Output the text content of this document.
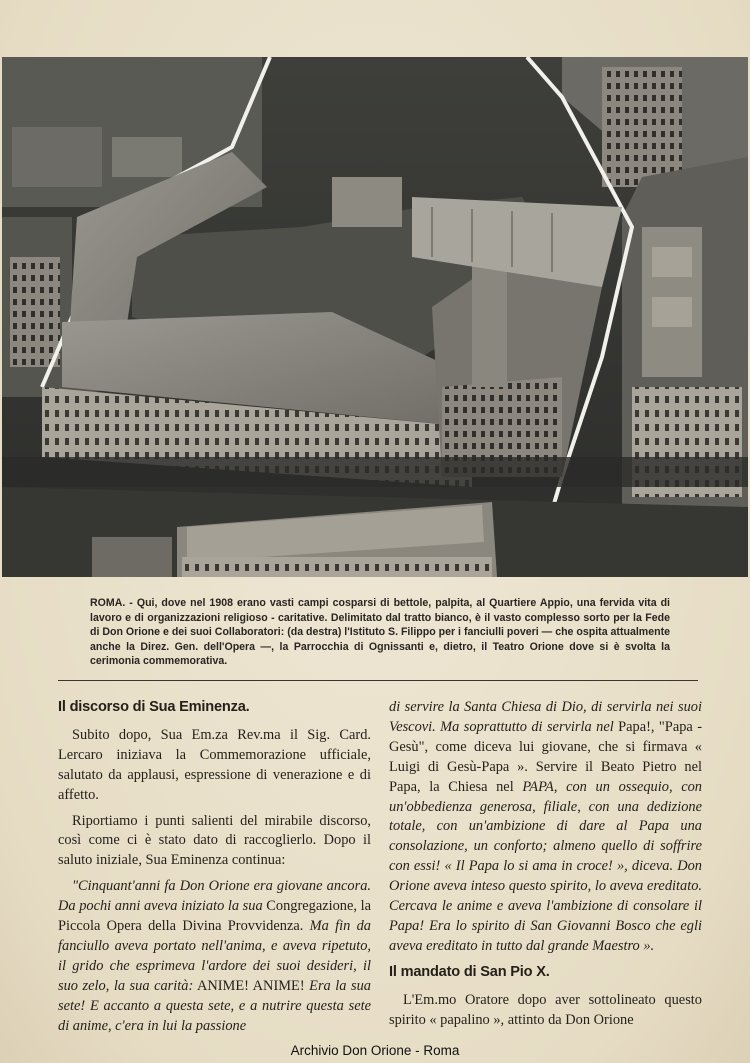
ROMA. - Qui, dove nel 1908 erano vasti campi cosparsi di bettole, palpita, al Quartiere Appio, una fervida vita di lavoro e di organizzazioni religioso - caritative. Delimitato dal tratto bianco, è il vasto complesso sorto per la Fede di Don Orione e dei suoi Collaboratori: (da destra) l'Istituto S. Filippo per i fanciulli poveri — che ospita attualmente anche la Direz. Gen. dell'Opera —, la Parrocchia di Ognissanti e, dietro, il Teatro Orione dove si è svolta la cerimonia commemorativa.
Il discorso di Sua Eminenza.

Subito dopo, Sua Em.za Rev.ma il Sig. Card. Lercaro iniziava la Commemorazione ufficiale, salutato da applausi, espressione di venerazione e di affetto.

Riportiamo i punti salienti del mirabile discorso, così come ci è stato dato di raccoglierlo. Dopo il saluto iniziale, Sua Eminenza continua:

"Cinquant'anni fa Don Orione era giovane ancora. Da pochi anni aveva iniziato la sua Congregazione, la Piccola Opera della Divina Provvidenza. Ma fin da fanciullo aveva portato nell'anima, e aveva ripetuto, il grido che esprimeva l'ardore dei suoi desideri, il suo zelo, la sua carità: ANIME! ANIME! Era la sua sete! E accanto a questa sete, e a nutrire questa sete di anime, c'era in lui la passione

di servire la Santa Chiesa di Dio, di servirla nei suoi Vescovi. Ma soprattutto di servirla nel Papa!, "Papa - Gesù", come diceva lui giovane, che si firmava « Luigi di Gesù-Papa ». Servire il Beato Pietro nel Papa, la Chiesa nel PAPA, con un ossequio, con un'obbedienza generosa, filiale, con una dedizione totale, con un'ambizione di dare al Papa una consolazione, un conforto; almeno quello di soffrire con essi! « Il Papa lo si ama in croce! », diceva. Don Orione aveva inteso questo spirito, lo aveva ereditato. Cercava le anime e aveva l'ambizione di consolare il Papa! Era lo spirito di San Giovanni Bosco che egli aveva ereditato in tutto dal grande Maestro ».

Il mandato di San Pio X.

L'Em.mo Oratore dopo aver sottolineato questo spirito « papalino », attinto da Don Orione

Archivio Don Orione - Roma
